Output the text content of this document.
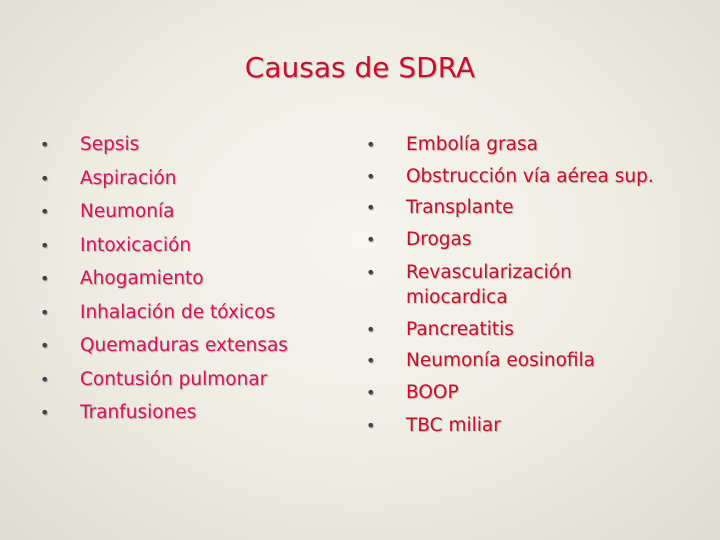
Causas de SDRA
•	Sepsis
•	Aspiración
•	Neumonía
•	Intoxicación
•	Ahogamiento
•	Inhalación de tóxicos
•	Quemaduras extensas
•	Contusión pulmonar
•	Tranfusiones
•	Embolía grasa
•	Obstrucción vía aérea sup.
•	Transplante
•	Drogas
•	Revascularización miocardica
•	Pancreatitis
•	Neumonía eosinofila
•	BOOP
•	TBC miliar
